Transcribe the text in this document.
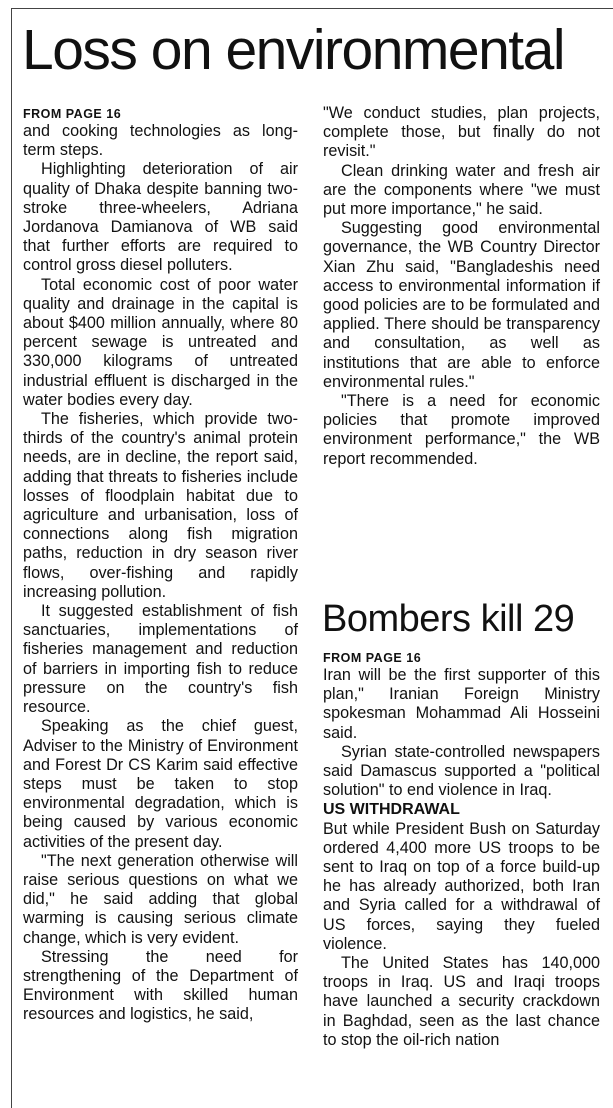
Loss on environmental
FROM PAGE 16

and cooking technologies as long-term steps.

Highlighting deterioration of air quality of Dhaka despite banning two-stroke three-wheelers, Adriana Jordanova Damianova of WB said that further efforts are required to control gross diesel polluters.

Total economic cost of poor water quality and drainage in the capital is about $400 million annually, where 80 percent sewage is untreated and 330,000 kilograms of untreated industrial effluent is discharged in the water bodies every day.

The fisheries, which provide two-thirds of the country's animal protein needs, are in decline, the report said, adding that threats to fisheries include losses of floodplain habitat due to agriculture and urbanisation, loss of connections along fish migration paths, reduction in dry season river flows, over-fishing and rapidly increasing pollution.

It suggested establishment of fish sanctuaries, implementations of fisheries management and reduction of barriers in importing fish to reduce pressure on the country's fish resource.

Speaking as the chief guest, Adviser to the Ministry of Environment and Forest Dr CS Karim said effective steps must be taken to stop environmental degradation, which is being caused by various economic activities of the present day.

"The next generation otherwise will raise serious questions on what we did," he said adding that global warming is causing serious climate change, which is very evident.

Stressing the need for strengthening of the Department of Environment with skilled human resources and logistics, he said,

"We conduct studies, plan projects, complete those, but finally do not revisit."

Clean drinking water and fresh air are the components where "we must put more importance," he said.

Suggesting good environmental governance, the WB Country Director Xian Zhu said, "Bangladeshis need access to environmental information if good policies are to be formulated and applied. There should be transparency and consultation, as well as institutions that are able to enforce environmental rules."

"There is a need for economic policies that promote improved environment performance," the WB report recommended.

Bombers kill 29
FROM PAGE 16

Iran will be the first supporter of this plan," Iranian Foreign Ministry spokesman Mohammad Ali Hosseini said.

Syrian state-controlled newspapers said Damascus supported a "political solution" to end violence in Iraq.

US WITHDRAWAL

But while President Bush on Saturday ordered 4,400 more US troops to be sent to Iraq on top of a force build-up he has already authorized, both Iran and Syria called for a withdrawal of US forces, saying they fueled violence.

The United States has 140,000 troops in Iraq. US and Iraqi troops have launched a security crackdown in Baghdad, seen as the last chance to stop the oil-rich nation
